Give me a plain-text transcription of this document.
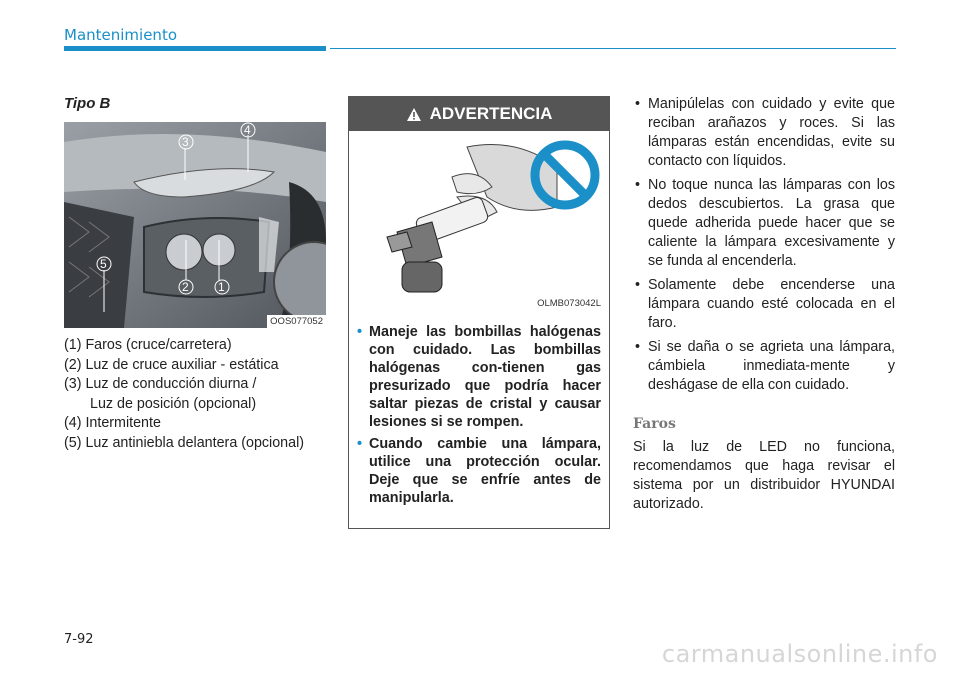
Mantenimiento
Tipo B
3
4
5
2 1
OOS077052
(1) Faros (cruce/carretera)
(2) Luz de cruce auxiliar - estática
(3) Luz de conducción diurna /
Luz de posición (opcional)
(4) Intermitente
(5) Luz antiniebla delantera (opcional)
ADVERTENCIA
OLMB073042L
• Maneje las bombillas halógenas con cuidado. Las bombillas halógenas con-tienen gas presurizado que podría hacer saltar piezas de cristal y causar lesiones si se rompen.
• Cuando cambie una lámpara, utilice una protección ocular. Deje que se enfríe antes de manipularla.
• Manipúlelas con cuidado y evite que reciban arañazos y roces. Si las lámparas están encendidas, evite su contacto con líquidos.
• No toque nunca las lámparas con los dedos descubiertos. La grasa que quede adherida puede hacer que se caliente la lámpara excesivamente y se funda al encenderla.
• Solamente debe encenderse una lámpara cuando esté colocada en el faro.
• Si se daña o se agrieta una lámpara, cámbiela inmediata-mente y deshágase de ella con cuidado.
Faros
Si la luz de LED no funciona, recomendamos que haga revisar el sistema por un distribuidor HYUNDAI autorizado.
7-92
carmanualsonline.info
